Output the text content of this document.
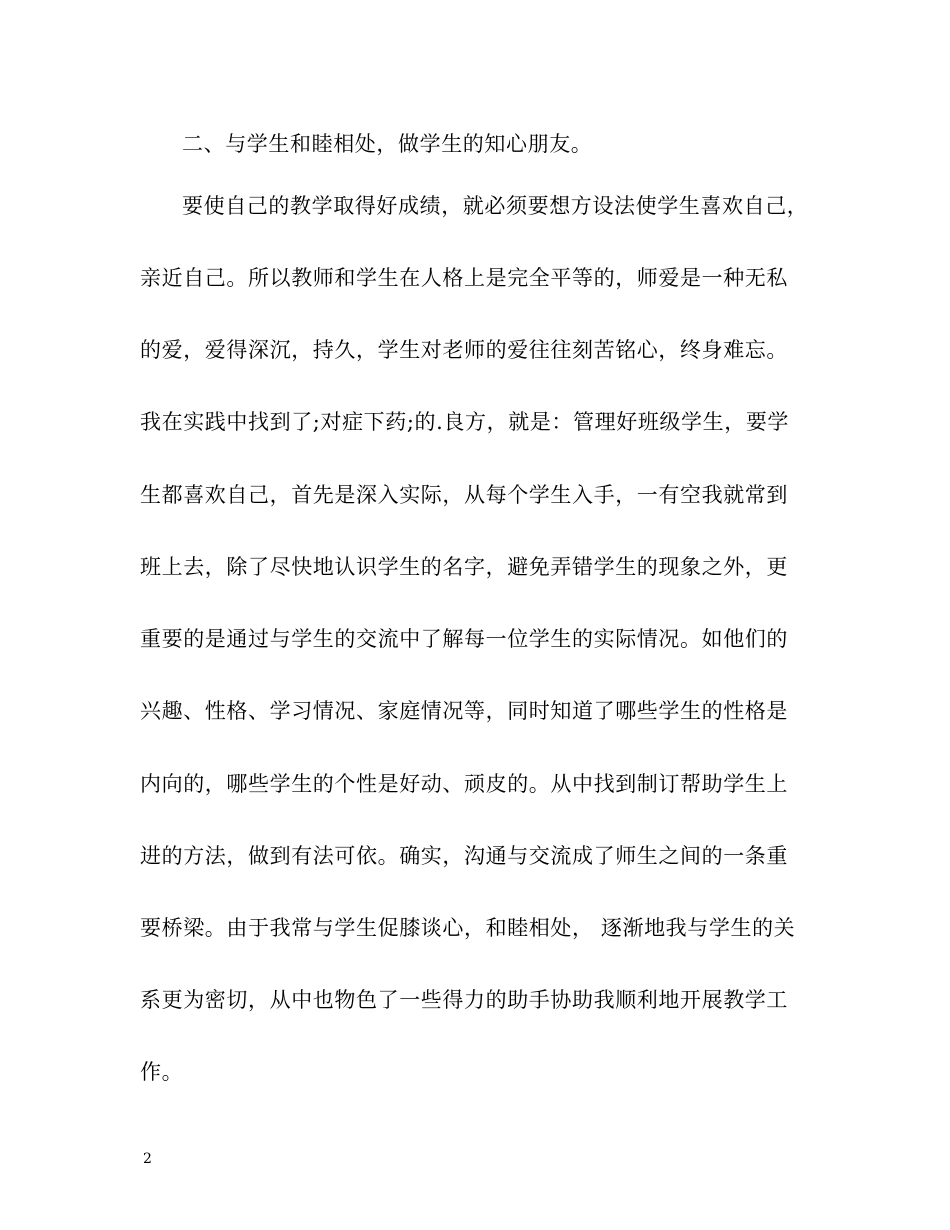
二、与学生和睦相处，做学生的知心朋友。
要使自己的教学取得好成绩，就必须要想方设法使学生喜欢自己，
亲近自己。所以教师和学生在人格上是完全平等的，师爱是一种无私
的爱，爱得深沉，持久，学生对老师的爱往往刻苦铭心，终身难忘。
我在实践中找到了;对症下药;的.良方，就是：管理好班级学生，要学
生都喜欢自己，首先是深入实际，从每个学生入手，一有空我就常到
班上去，除了尽快地认识学生的名字，避免弄错学生的现象之外，更
重要的是通过与学生的交流中了解每一位学生的实际情况。如他们的
兴趣、性格、学习情况、家庭情况等，同时知道了哪些学生的性格是
内向的，哪些学生的个性是好动、顽皮的。从中找到制订帮助学生上
进的方法，做到有法可依。确实，沟通与交流成了师生之间的一条重
要桥梁。由于我常与学生促膝谈心，和睦相处， 逐渐地我与学生的关
系更为密切，从中也物色了一些得力的助手协助我顺利地开展教学工
作。
2
